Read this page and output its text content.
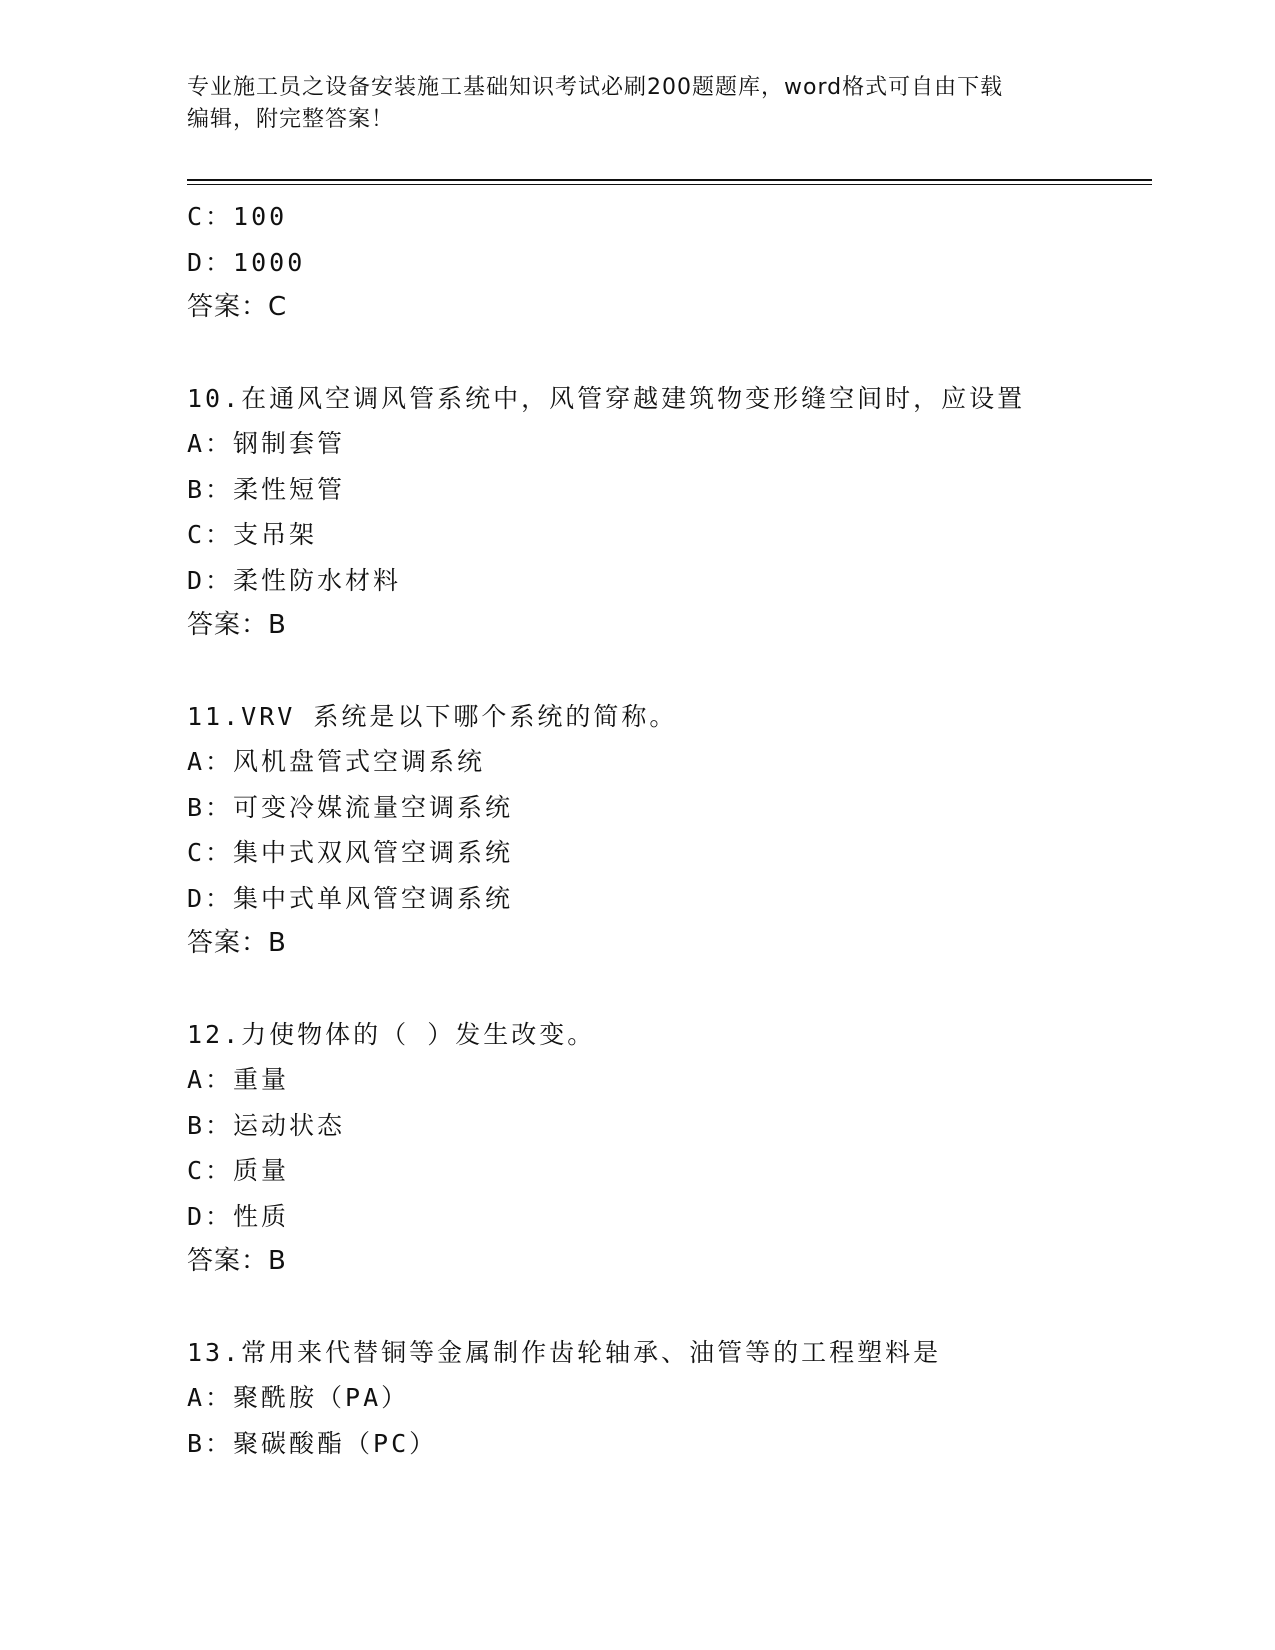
专业施工员之设备安装施工基础知识考试必刷200题题库，word格式可自由下载
编辑，附完整答案！
C：100
D：1000
答案：C
10.在通风空调风管系统中，风管穿越建筑物变形缝空间时，应设置
A：钢制套管
B：柔性短管
C：支吊架
D：柔性防水材料
答案：B
11.VRV 系统是以下哪个系统的简称。
A：风机盘管式空调系统
B：可变冷媒流量空调系统
C：集中式双风管空调系统
D：集中式单风管空调系统
答案：B
12.力使物体的（ ）发生改变。
A：重量
B：运动状态
C：质量
D：性质
答案：B
13.常用来代替铜等金属制作齿轮轴承、油管等的工程塑料是
A：聚酰胺（PA）
B：聚碳酸酯（PC）
